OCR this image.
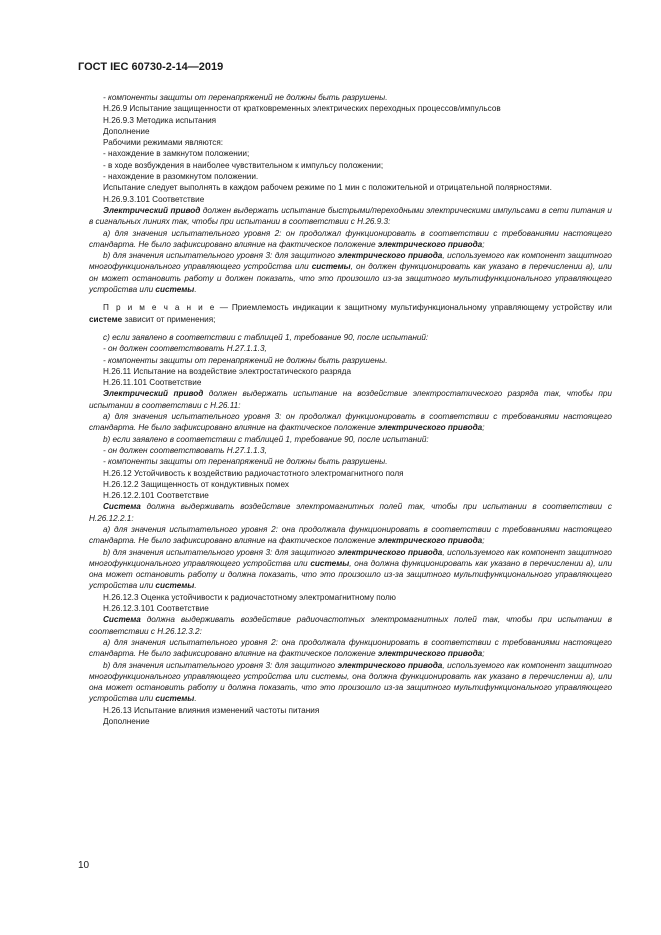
ГОСТ IEC 60730-2-14—2019

- компоненты защиты от перенапряжений не должны быть разрушены.

Н.26.9 Испытание защищенности от кратковременных электрических переходных процессов/импульсов

Н.26.9.3 Методика испытания

Дополнение

Рабочими режимами являются:

- нахождение в замкнутом положении;

- в ходе возбуждения в наиболее чувствительном к импульсу положении;

- нахождение в разомкнутом положении.

Испытание следует выполнять в каждом рабочем режиме по 1 мин с положительной и отрицательной полярностями.

Н.26.9.3.101 Соответствие

Электрический привод должен выдержать испытание быстрыми/переходными электрическими импульсами в сети питания и в сигнальных линиях так, чтобы при испытании в соответствии с Н.26.9.3:

a) для значения испытательного уровня 2: он продолжал функционировать в соответствии с требованиями настоящего стандарта. Не было зафиксировано влияние на фактическое положение электрического привода;

b) для значения испытательного уровня 3: для защитного электрического привода, используемого как компонент защитного многофункционального управляющего устройства или системы, он должен функционировать как указано в перечислении а), или он может остановить работу и должен показать, что это произошло из-за защитного мультифункционального управляющего устройства или системы.

П р и м е ч а н и е — Приемлемость индикации к защитному мультифункциональному управляющему устройству или системе зависит от применения;

с) если заявлено в соответствии с таблицей 1, требование 90, после испытаний:

- он должен соответствовать Н.27.1.1.3,

- компоненты защиты от перенапряжений не должны быть разрушены.

Н.26.11 Испытание на воздействие электростатического разряда

Н.26.11.101 Соответствие

Электрический привод должен выдержать испытание на воздействие электростатического разряда так, чтобы при испытании в соответствии с Н.26.11:

a) для значения испытательного уровня 3: он продолжал функционировать в соответствии с требованиями настоящего стандарта. Не было зафиксировано влияние на фактическое положение электрического привода;

b) если заявлено в соответствии с таблицей 1, требование 90, после испытаний:

- он должен соответствовать Н.27.1.1.3,

- компоненты защиты от перенапряжений не должны быть разрушены.

Н.26.12 Устойчивость к воздействию радиочастотного электромагнитного поля

Н.26.12.2 Защищенность от кондуктивных помех

Н.26.12.2.101 Соответствие

Система должна выдерживать воздействие электромагнитных полей так, чтобы при испытании в соответствии с Н.26.12.2.1:

a) для значения испытательного уровня 2: она продолжала функционировать в соответствии с требованиями настоящего стандарта. Не было зафиксировано влияние на фактическое положение электрического привода;

b) для значения испытательного уровня 3: для защитного электрического привода, используемого как компонент защитного многофункционального управляющего устройства или системы, она должна функционировать как указано в перечислении а), или она может остановить работу и должна показать, что это произошло из-за защитного мультифункционального управляющего устройства или системы.

Н.26.12.3 Оценка устойчивости к радиочастотному электромагнитному полю

Н.26.12.3.101 Соответствие

Система должна выдерживать воздействие радиочастотных электромагнитных полей так, чтобы при испытании в соответствии с Н.26.12.3.2:

a) для значения испытательного уровня 2: она продолжала функционировать в соответствии с требованиями настоящего стандарта. Не было зафиксировано влияние на фактическое положение электрического привода;

b) для значения испытательного уровня 3: для защитного электрического привода, используемого как компонент защитного многофункционального управляющего устройства или системы, она должна функционировать как указано в перечислении а), или она может остановить работу и должна показать, что это произошло из-за защитного мультифункционального управляющего устройства или системы.

Н.26.13 Испытание влияния изменений частоты питания

Дополнение

10
